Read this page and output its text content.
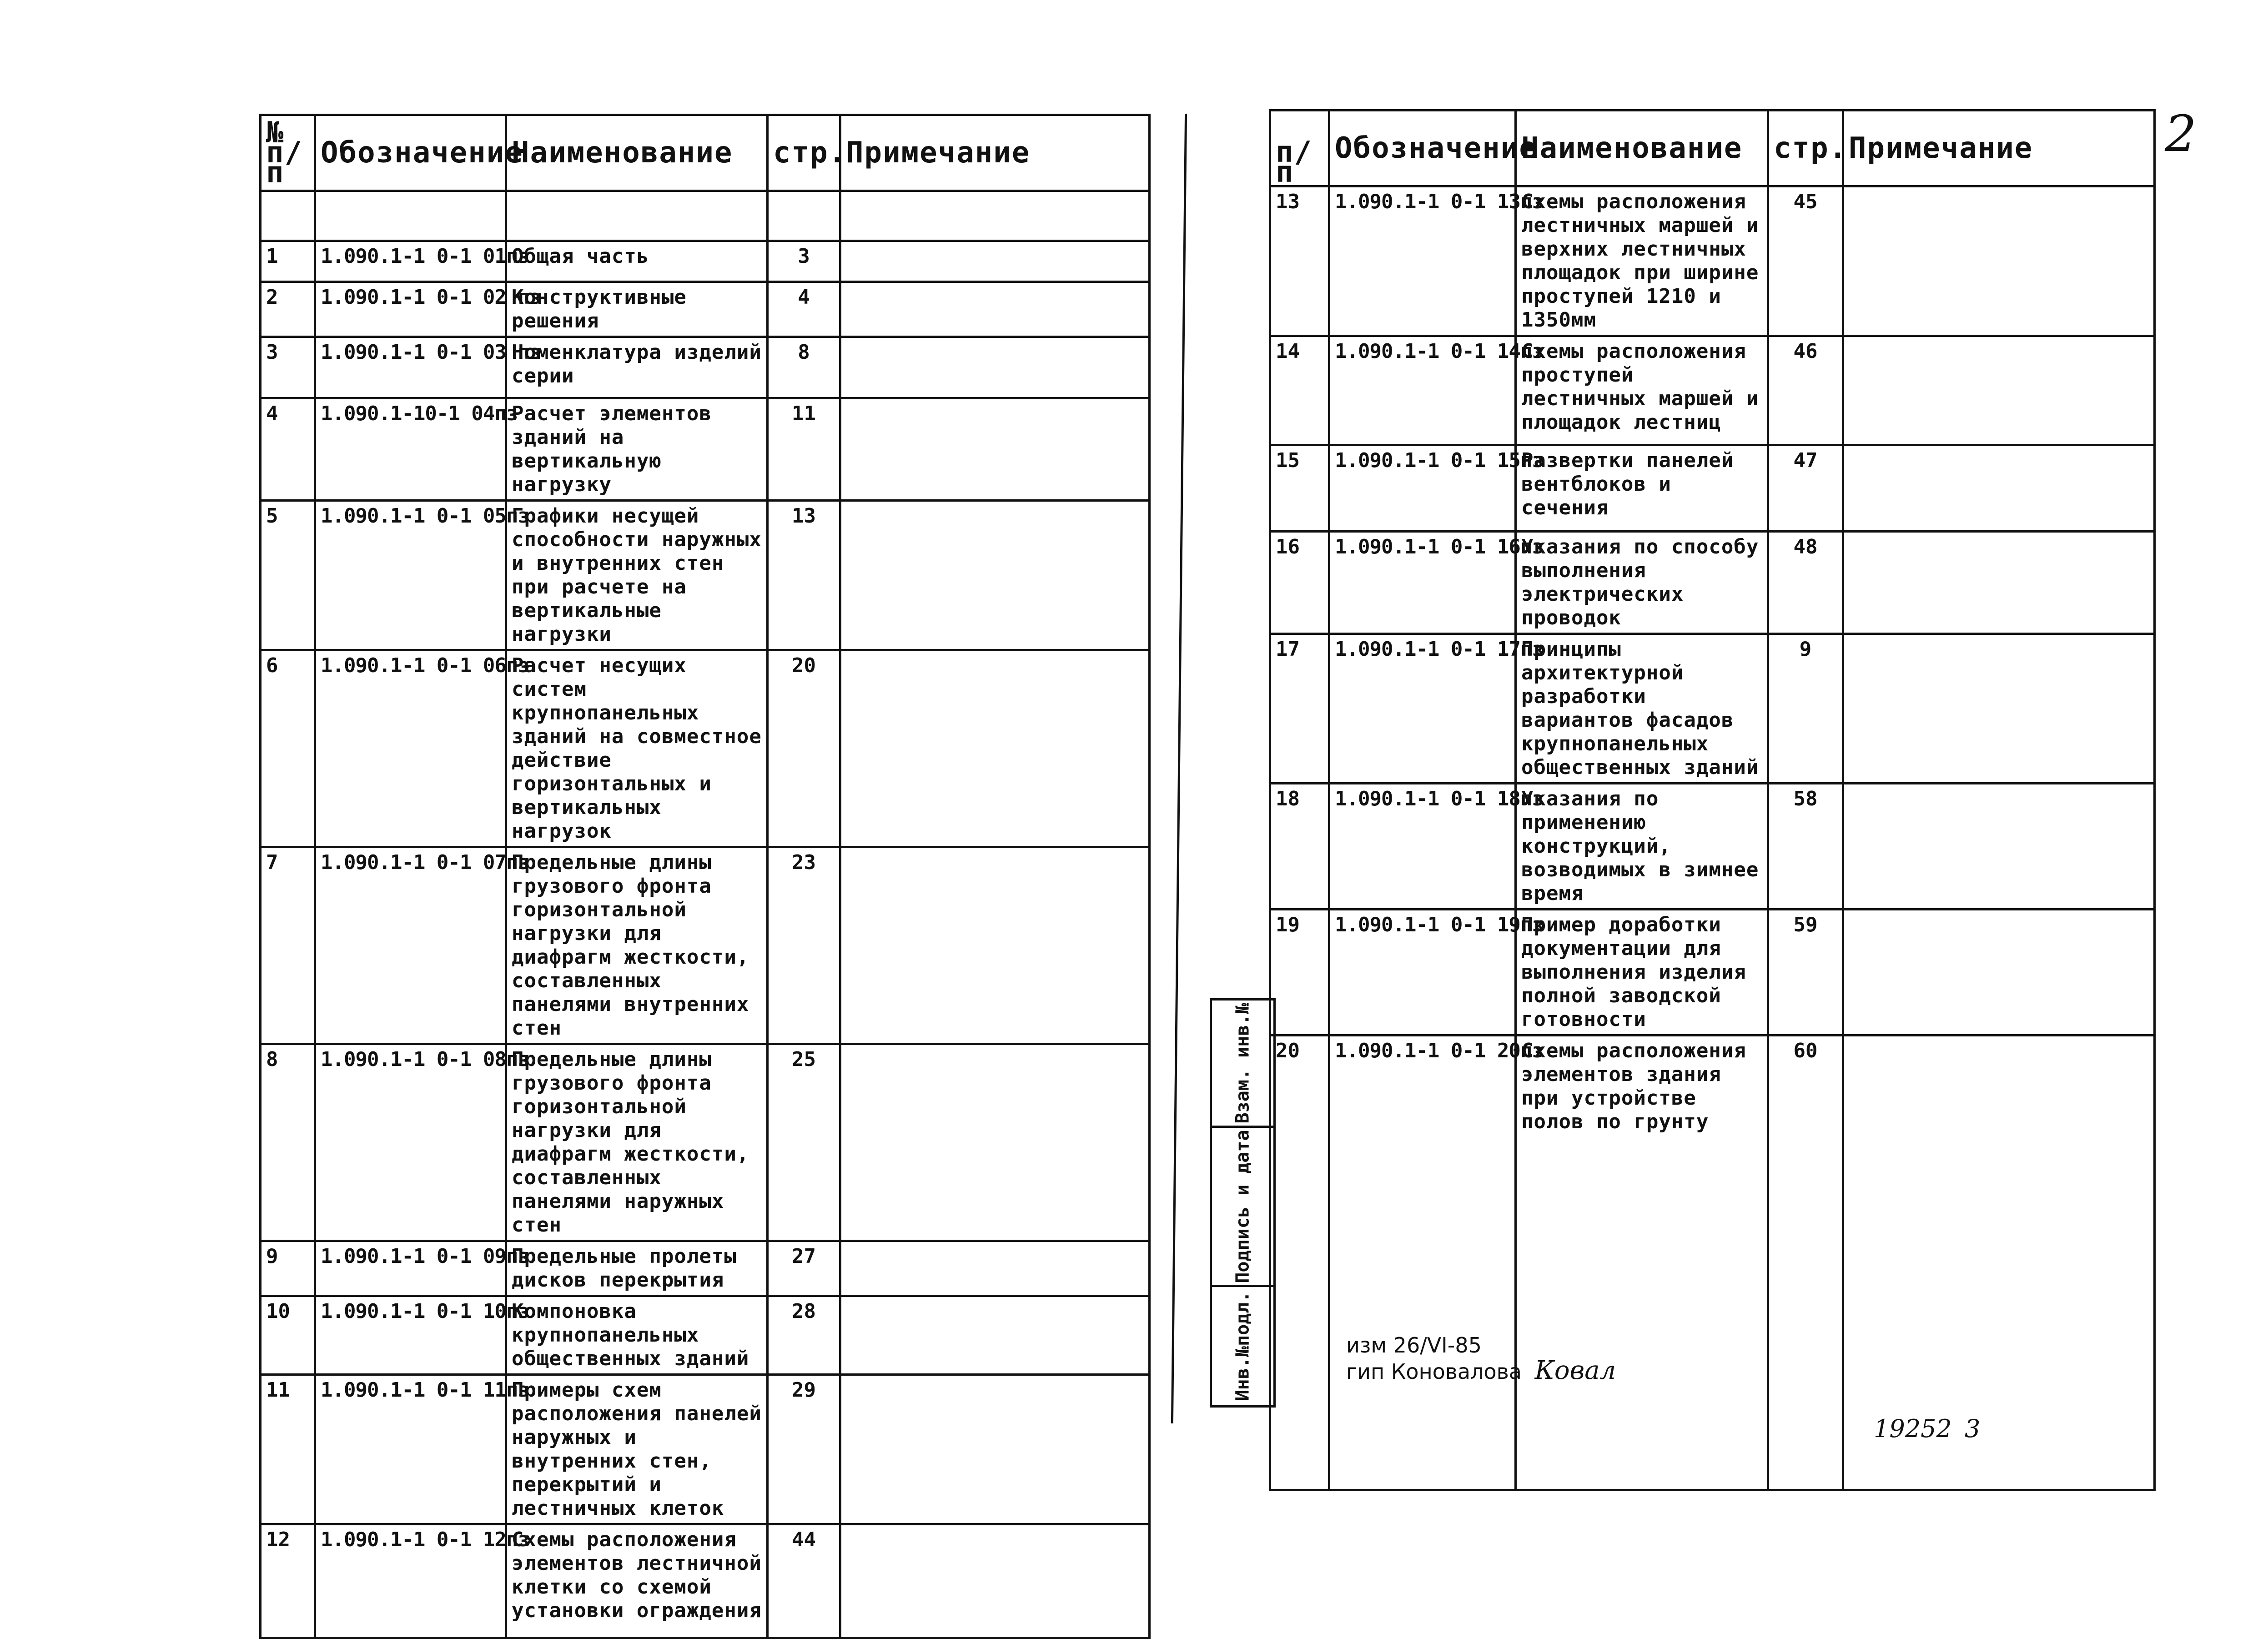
№ п/п	Обозначение	Наименование	стр.	Примечание

1	1.090.1-1 0-1 01пз	Общая часть	3	
2	1.090.1-1 0-1 02 пз	Конструктивные решения	4	
3	1.090.1-1 0-1 03 пз	Номенклатура изделий серии	8	
4	1.090.1-10-1 04пз	Расчет элементов зданий на вертикальную нагрузку	11	
5	1.090.1-1 0-1 05пз	Графики несущей способности наружных и внутренних стен при расчете на вертикальные нагрузки	13	
6	1.090.1-1 0-1 06пз	Расчет несущих систем крупнопанельных зданий на совместное действие горизонтальных и вертикальных нагрузок	20	
7	1.090.1-1 0-1 07пз	Предельные длины грузового фронта горизонтальной нагрузки для диафрагм жесткости, составленных панелями внутренних стен	23	
8	1.090.1-1 0-1 08пз	Предельные длины грузового фронта горизонтальной нагрузки для диафрагм жесткости, составленных панелями наружных стен	25	
9	1.090.1-1 0-1 09пз	Предельные пролеты дисков перекрытия	27	
10	1.090.1-1 0-1 10пз	Компоновка крупнопанельных общественных зданий	28	
11	1.090.1-1 0-1 11пз	Примеры схем расположения панелей наружных и внутренних стен, перекрытий и лестничных клеток	29	
12	1.090.1-1 0-1 12пз	Схемы расположения элементов лестничной клетки со схемой установки ограждения	44	
п/п	Обозначение	Наименование	стр.	Примечание
13	1.090.1-1 0-1 13пз	Схемы расположения лестничных маршей и верхних лестничных площадок при ширине проступей 1210 и 1350мм	45	
14	1.090.1-1 0-1 14пз	Схемы расположения проступей лестничных маршей и площадок лестниц	46	
15	1.090.1-1 0-1 15пз	Развертки панелей вентблоков и сечения	47	
16	1.090.1-1 0-1 16пз	Указания по способу выполнения электрических проводок	48	
17	1.090.1-1 0-1 17пз	Принципы архитектурной разработки вариантов фасадов крупнопанельных общественных зданий	9	
18	1.090.1-1 0-1 18пз	Указания по применению конструкций, возводимых в зимнее время	58	
19	1.090.1-1 0-1 19пз	Пример доработки документации для выполнения изделия полной заводской готовности	59	
20	1.090.1-1 0-1 20пз	Схемы расположения элементов здания при устройстве полов по грунту	60	
2
Взам. инв.№
Подпись и дата
Инв.№подл.	изм 26/VI-85
гип Коновалова Ковал
19252 3
